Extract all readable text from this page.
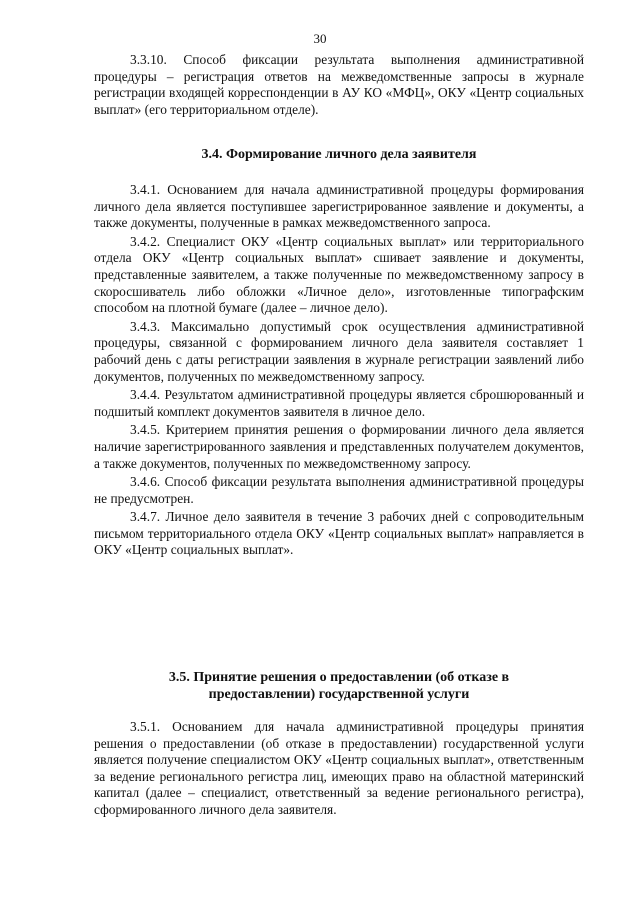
30

3.3.10. Способ фиксации результата выполнения административной процедуры – регистрация ответов на межведомственные запросы в журнале регистрации входящей корреспонденции в АУ КО «МФЦ», ОКУ «Центр социальных выплат» (его территориальном отделе).

3.4. Формирование личного дела заявителя

3.4.1. Основанием для начала административной процедуры формирования личного дела является поступившее зарегистрированное заявление и документы, а также документы, полученные в рамках межведомственного запроса.

3.4.2. Специалист ОКУ «Центр социальных выплат» или территориального отдела ОКУ «Центр социальных выплат» сшивает заявление и документы, представленные заявителем, а также полученные по межведомственному запросу в скоросшиватель либо обложки «Личное дело», изготовленные типографским способом на плотной бумаге (далее – личное дело).

3.4.3. Максимально допустимый срок осуществления административной процедуры, связанной с формированием личного дела заявителя составляет 1 рабочий день с даты регистрации заявления в журнале регистрации заявлений либо документов, полученных по межведомственному запросу.

3.4.4. Результатом административной процедуры является сброшюрованный и подшитый комплект документов заявителя в личное дело.

3.4.5. Критерием принятия решения о формировании личного дела является наличие зарегистрированного заявления и представленных получателем документов, а также документов, полученных по межведомственному запросу.

3.4.6. Способ фиксации результата выполнения административной процедуры не предусмотрен.

3.4.7. Личное дело заявителя в течение 3 рабочих дней с сопроводительным письмом территориального отдела ОКУ «Центр социальных выплат» направляется в ОКУ «Центр социальных выплат».

3.5. Принятие решения о предоставлении (об отказе в
предоставлении) государственной услуги

3.5.1. Основанием для начала административной процедуры принятия решения о предоставлении (об отказе в предоставлении) государственной услуги является получение специалистом ОКУ «Центр социальных выплат», ответственным за ведение регионального регистра лиц, имеющих право на областной материнский капитал (далее – специалист, ответственный за ведение регионального регистра), сформированного личного дела заявителя.
